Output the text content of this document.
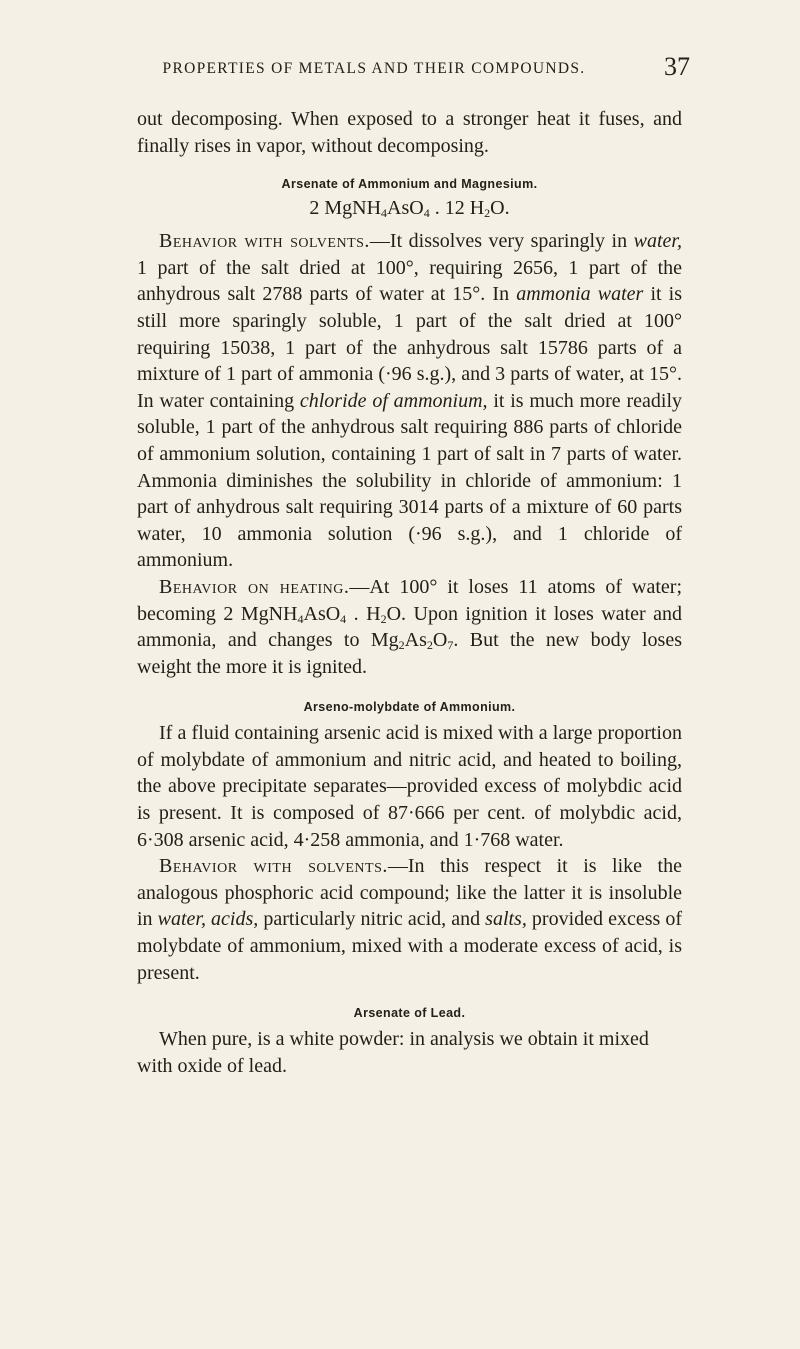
PROPERTIES OF METALS AND THEIR COMPOUNDS.	37

out decomposing. When exposed to a stronger heat it fuses, and finally rises in vapor, without decomposing.

Arsenate of Ammonium and Magnesium.
2 MgNH$_4$AsO$_4$ . 12 $H_2O$.

Behavior with solvents.—It dissolves very sparingly in water, 1 part of the salt dried at 100°, requiring 2656, 1 part of the anhydrous salt 2788 parts of water at 15°. In ammonia water it is still more sparingly soluble, 1 part of the salt dried at 100° requiring 15038, 1 part of the anhydrous salt 15786 parts of a mixture of 1 part of ammonia (·96 s.g.), and 3 parts of water, at 15°. In water containing chloride of ammonium, it is much more readily soluble, 1 part of the anhydrous salt requiring 886 parts of chloride of ammonium solution, containing 1 part of salt in 7 parts of water. Ammonia diminishes the solubility in chloride of ammonium: 1 part of anhydrous salt requiring 3014 parts of a mixture of 60 parts water, 10 ammonia solution (·96 s.g.), and 1 chloride of ammonium.

Behavior on heating.—At 100° it loses 11 atoms of water; becoming 2 MgNH$_4$AsO$_4$ . $H_2O$. Upon ignition it loses water and ammonia, and changes to $Mg_2As_2O_7$. But the new body loses weight the more it is ignited.

Arseno-molybdate of Ammonium.

If a fluid containing arsenic acid is mixed with a large proportion of molybdate of ammonium and nitric acid, and heated to boiling, the above precipitate separates—provided excess of molybdic acid is present. It is composed of 87·666 per cent. of molybdic acid, 6·308 arsenic acid, 4·258 ammonia, and 1·768 water.

Behavior with solvents.—In this respect it is like the analogous phosphoric acid compound; like the latter it is insoluble in water, acids, particularly nitric acid, and salts, provided excess of molybdate of ammonium, mixed with a moderate excess of acid, is present.

Arsenate of Lead.

When pure, is a white powder: in analysis we obtain it mixed with oxide of lead.
